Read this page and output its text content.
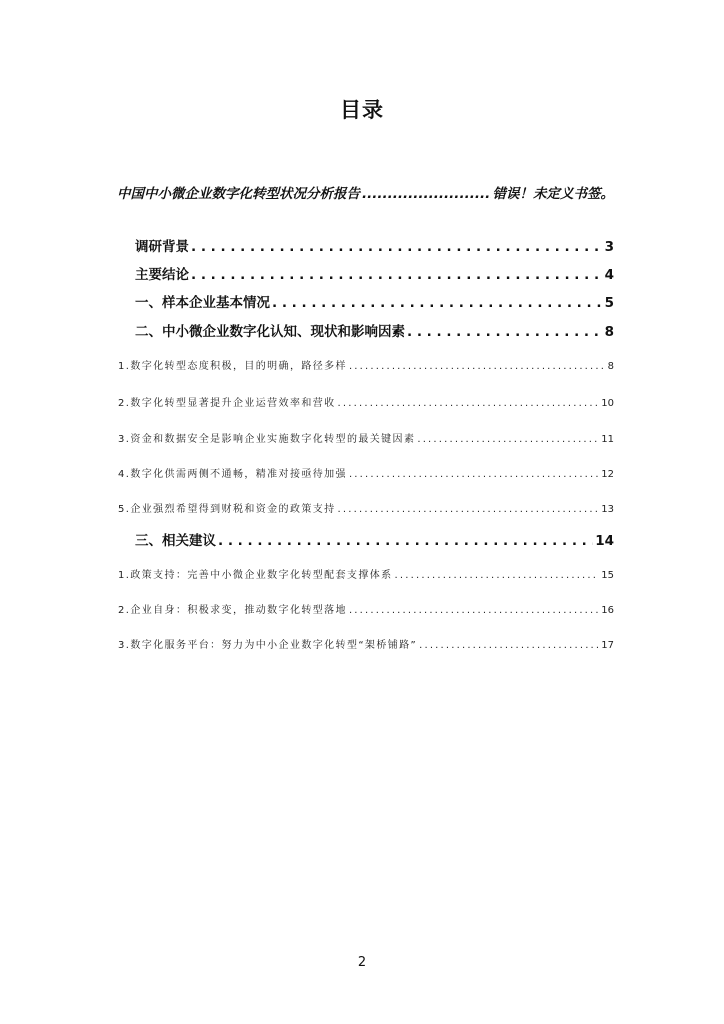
目录
中国中小微企业数字化转型状况分析报告 .....	错误！未定义书签。
调研背景 . . .	3
主要结论 . . .	4
一、样本企业基本情况 . . .	5
二、中小微企业数字化认知、现状和影响因素 . . .	8
1.数字化转型态度积极，目的明确，路径多样 . . .	8
2.数字化转型显著提升企业运营效率和营收 . . .	10
3.资金和数据安全是影响企业实施数字化转型的最关键因素 . . .	11
4.数字化供需两侧不通畅，精准对接亟待加强 . . .	12
5.企业强烈希望得到财税和资金的政策支持 . . .	13
三、相关建议 . . .	14
1.政策支持：完善中小微企业数字化转型配套支撑体系 . . .	15
2.企业自身：积极求变，推动数字化转型落地 . . .	16
3.数字化服务平台：努力为中小企业数字化转型“架桥铺路” . . .	17
2
